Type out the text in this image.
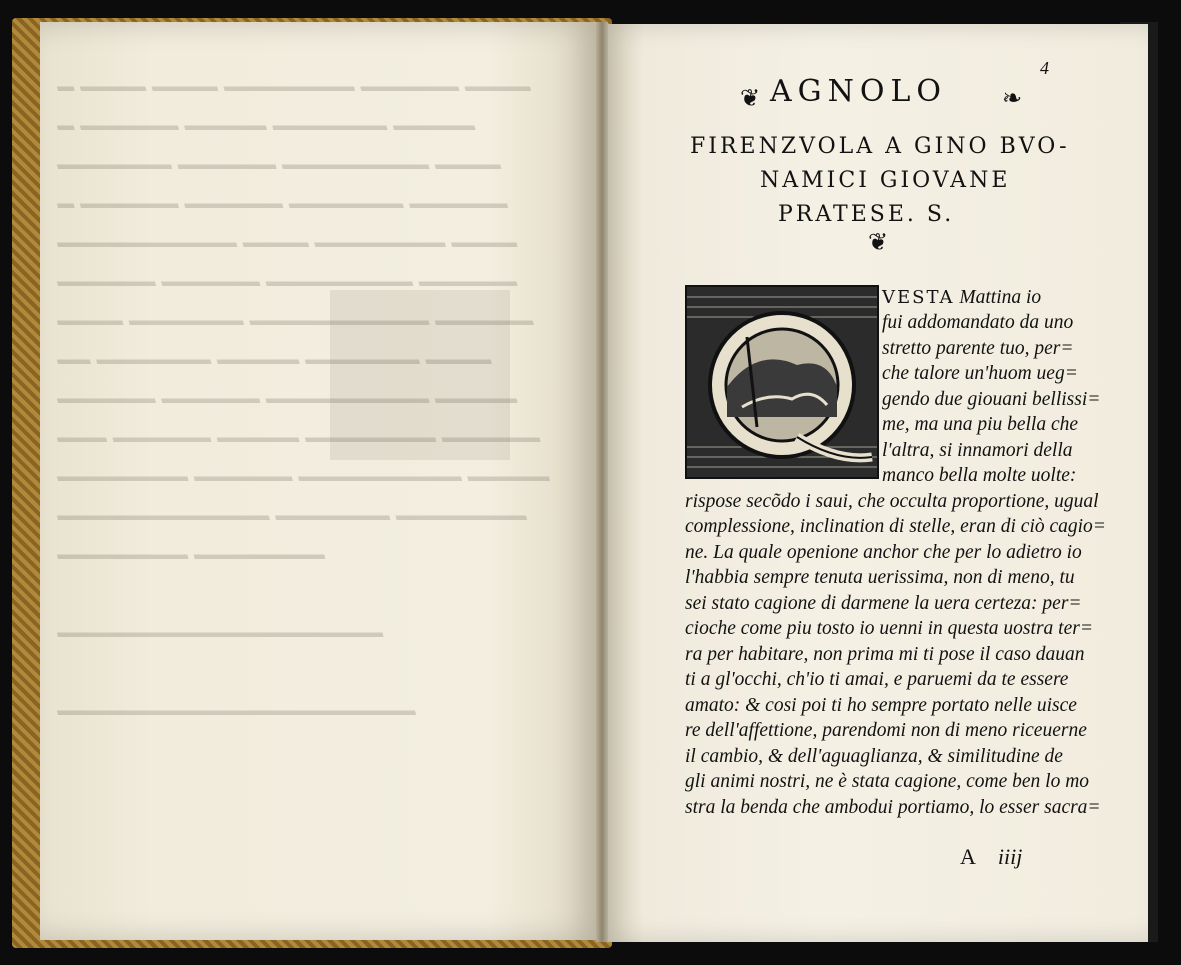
━━━━ ━━━━━━ ━━━━━━━━ ━━━━ ━━━━ ━
━━━━━ ━━━━━━━ ━━━━━ ━━━━━━ ━
━━━━ ━━━━━━━━━ ━━━━━━ ━━━━━━━
━━━━━━ ━━━━━━━ ━━━━━━ ━━━━━━ ━
━━━━ ━━━━━━━━ ━━━━ ━━━━━━━━━━━
━━━━━━ ━━━━━━━━━ ━━━━━━ ━━━━━━
━━━━━━ ━━━━━━━━━━━ ━━━━━━━ ━━━━
━━━━ ━━━━━━━ ━━━━━ ━━━━━━━ ━━
━━━━━ ━━━━━━━━━━ ━━━━━━ ━━━━━━
━━━━━━ ━━━━━━━━ ━━━━━ ━━━━━━ ━━━
━━━━━ ━━━━━━━━━━ ━━━━━━ ━━━━━━━━
━━━━━━━━ ━━━━━━━ ━━━━━━━━━━━━━
━━━━━━━━ ━━━━━━━━
━━━━━━━━━━━━━━━━━━━━
━━━━━━━━━━━━━━━━━━━━━━
4
❦ AGNOLO	❧
FIRENZVOLA A GINO BVO-
NAMICI GIOVANE
PRATESE. S.
❦
VESTA Mattina io
fui addomandato da uno
stretto parente tuo, per=
che talore un'huom ueg=
gendo due giouani bellissi=
me, ma una piu bella che
l'altra, si innamori della
manco bella molte uolte:
rispose secõdo i saui, che occulta proportione, ugual
complessione, inclination di stelle, eran di ciò cagio=
ne. La quale openione anchor che per lo adietro io
l'habbia sempre tenuta uerissima, non di meno, tu
sei stato cagione di darmene la uera certeza: per=
cioche come piu tosto io uenni in questa uostra ter=
ra per habitare, non prima mi ti pose il caso dauan
ti a gl'occhi, ch'io ti amai, e paruemi da te essere
amato: & cosi poi ti ho sempre portato nelle uisce
re dell'affettione, parendomi non di meno riceuerne
il cambio, & dell'aguaglianza, & similitudine de
gli animi nostri, ne è stata cagione, come ben lo mo
stra la benda che ambodui portiamo, lo esser sacra=
A iiij
